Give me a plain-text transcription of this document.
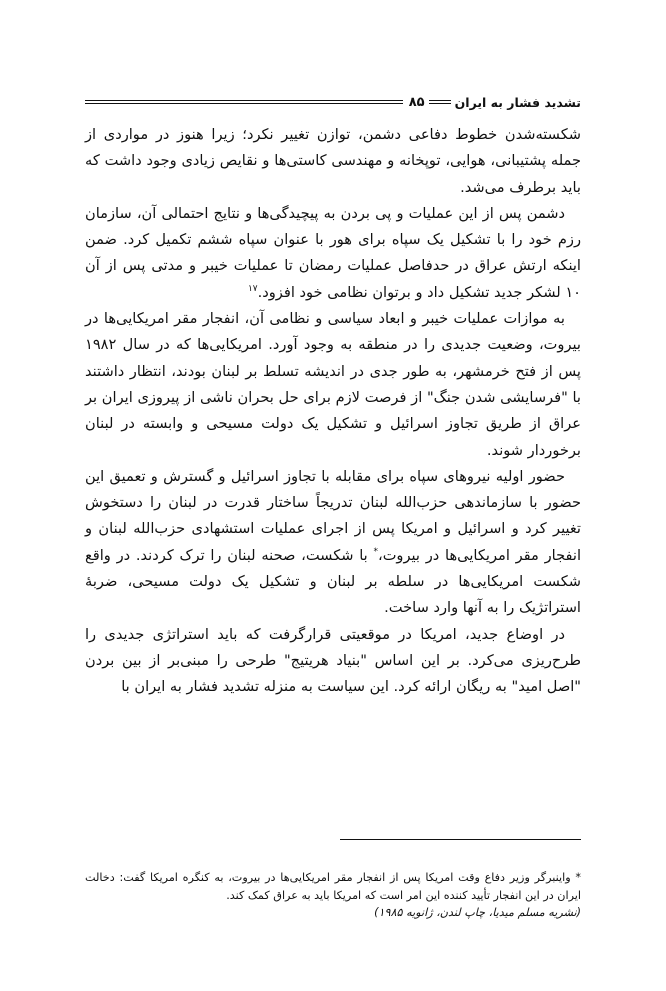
تشدید فشار به ایران
۸۵

شکسته‌شدن خطوط دفاعی دشمن، توازن تغییر نکرد؛ زیرا هنوز در مواردی از جمله پشتیبانی، هوایی، توپخانه و مهندسی کاستی‌ها و نقایص زیادی وجود داشت که باید برطرف می‌شد.

دشمن پس از این عملیات و پی بردن به پیچیدگی‌ها و نتایج احتمالی آن، سازمان رزم خود را با تشکیل یک سپاه برای هور با عنوان سپاه ششم تکمیل کرد. ضمن اینکه ارتش عراق در حدفاصل عملیات رمضان تا عملیات خیبر و مدتی پس از آن ۱۰ لشکر جدید تشکیل داد و برتوان نظامی خود افزود.$^{۱۷}$

به موازات عملیات خیبر و ابعاد سیاسی و نظامی آن، انفجار مقر امریکایی‌ها در بیروت، وضعیت جدیدی را در منطقه به وجود آورد. امریکایی‌ها که در سال ۱۹۸۲ پس از فتح خرمشهر، به طور جدی در اندیشه تسلط بر لبنان بودند، انتظار داشتند با "فرسایشی شدن جنگ" از فرصت لازم برای حل بحران ناشی از پیروزی ایران بر عراق از طریق تجاوز اسرائیل و تشکیل یک دولت مسیحی و وابسته در لبنان برخوردار شوند.

حضور اولیه نیروهای سپاه برای مقابله با تجاوز اسرائیل و گسترش و تعمیق این حضور با سازماندهی حزب‌الله لبنان تدریجاً ساختار قدرت در لبنان را دستخوش تغییر کرد و اسرائیل و امریکا پس از اجرای عملیات استشهادی حزب‌الله لبنان و انفجار مقر امریکایی‌ها در بیروت،* با شکست، صحنه لبنان را ترک کردند. در واقع شکست امریکایی‌ها در سلطه بر لبنان و تشکیل یک دولت مسیحی، ضربهٔ استراتژیک را به آنها وارد ساخت.

در اوضاع جدید، امریکا در موقعیتی قرارگرفت که باید استراتژی جدیدی را طرح‌ریزی می‌کرد. بر این اساس "بنیاد هریتیج" طرحی را مبنی‌بر از بین بردن "اصل امید" به ریگان ارائه کرد. این سیاست به منزله تشدید فشار به ایران با

* واینبرگر وزیر دفاع وقت امریکا پس از انفجار مقر امریکایی‌ها در بیروت، به کنگره امریکا گفت: دخالت ایران در این انفجار تأیید کننده این امر است که امریکا باید به عراق کمک کند.

(نشریه مسلم میدیا، چاپ لندن، ژانویه ۱۹۸۵)
